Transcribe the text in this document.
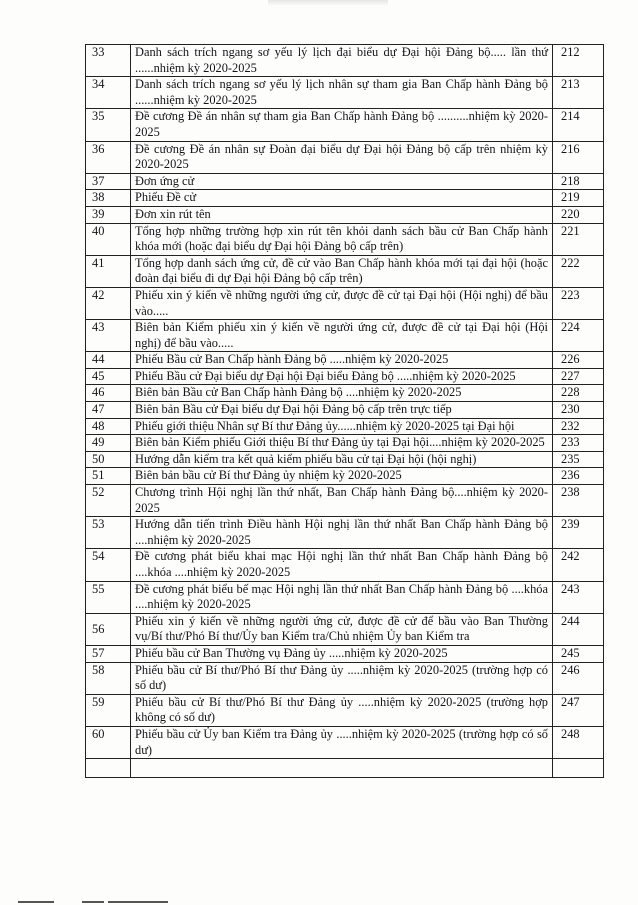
33	Danh sách trích ngang sơ yếu lý lịch đại biểu dự Đại hội Đảng bộ..... lần thứ ......nhiệm kỳ 2020-2025	212
34	Danh sách trích ngang sơ yếu lý lịch nhân sự tham gia Ban Chấp hành Đảng bộ ......nhiệm kỳ 2020-2025	213
35	Đề cương Đề án nhân sự tham gia Ban Chấp hành Đảng bộ ..........nhiệm kỳ 2020-2025	214
36	Đề cương Đề án nhân sự Đoàn đại biểu dự Đại hội Đảng bộ cấp trên nhiệm kỳ 2020-2025	216
37	Đơn ứng cử	218
38	Phiếu Đề cử	219
39	Đơn xin rút tên	220
40	Tổng hợp những trường hợp xin rút tên khỏi danh sách bầu cử Ban Chấp hành khóa mới (hoặc đại biểu dự Đại hội Đảng bộ cấp trên)	221
41	Tổng hợp danh sách ứng cử, đề cử vào Ban Chấp hành khóa mới tại đại hội (hoặc đoàn đại biểu đi dự Đại hội Đảng bộ cấp trên)	222
42	Phiếu xin ý kiến về những người ứng cử, được đề cử tại Đại hội (Hội nghị) để bầu vào.....	223
43	Biên bản Kiểm phiếu xin ý kiến về người ứng cử, được đề cử tại Đại hội (Hội nghị) để bầu vào.....	224
44	Phiếu Bầu cử Ban Chấp hành Đảng bộ .....nhiệm kỳ 2020-2025	226
45	Phiếu Bầu cử Đại biểu dự Đại hội Đại biểu Đảng bộ .....nhiệm kỳ 2020-2025	227
46	Biên bản Bầu cử Ban Chấp hành Đảng bộ ....nhiệm kỳ 2020-2025	228
47	Biên bản Bầu cử Đại biểu dự Đại hội Đảng bộ cấp trên trực tiếp	230
48	Phiếu giới thiệu Nhân sự Bí thư Đảng ủy......nhiệm kỳ 2020-2025 tại Đại hội	232
49	Biên bản Kiểm phiếu Giới thiệu Bí thư Đảng ủy tại Đại hội....nhiệm kỳ 2020-2025	233
50	Hướng dẫn kiểm tra kết quả kiểm phiếu bầu cử tại Đại hội (hội nghị)	235
51	Biên bản bầu cử Bí thư Đảng ủy nhiệm kỳ 2020-2025	236
52	Chương trình Hội nghị lần thứ nhất, Ban Chấp hành Đảng bộ....nhiệm kỳ 2020-2025	238
53	Hướng dẫn tiến trình Điều hành Hội nghị lần thứ nhất Ban Chấp hành Đảng bộ ....nhiệm kỳ 2020-2025	239
54	Đề cương phát biểu khai mạc Hội nghị lần thứ nhất Ban Chấp hành Đảng bộ ....khóa ....nhiệm kỳ 2020-2025	242
55	Đề cương phát biểu bế mạc Hội nghị lần thứ nhất Ban Chấp hành Đảng bộ ....khóa ....nhiệm kỳ 2020-2025	243
56	Phiếu xin ý kiến về những người ứng cử, được đề cử để bầu vào Ban Thường vụ/Bí thư/Phó Bí thư/Ủy ban Kiểm tra/Chủ nhiệm Ủy ban Kiểm tra	244
57	Phiếu bầu cử Ban Thường vụ Đảng ủy .....nhiệm kỳ 2020-2025	245
58	Phiếu bầu cử Bí thư/Phó Bí thư Đảng ủy .....nhiệm kỳ 2020-2025 (trường hợp có số dư)	246
59	Phiếu bầu cử Bí thư/Phó Bí thư Đảng ủy .....nhiệm kỳ 2020-2025 (trường hợp không có số dư)	247
60	Phiếu bầu cử Ủy ban Kiểm tra Đảng ủy .....nhiệm kỳ 2020-2025 (trường hợp có số dư)	248
